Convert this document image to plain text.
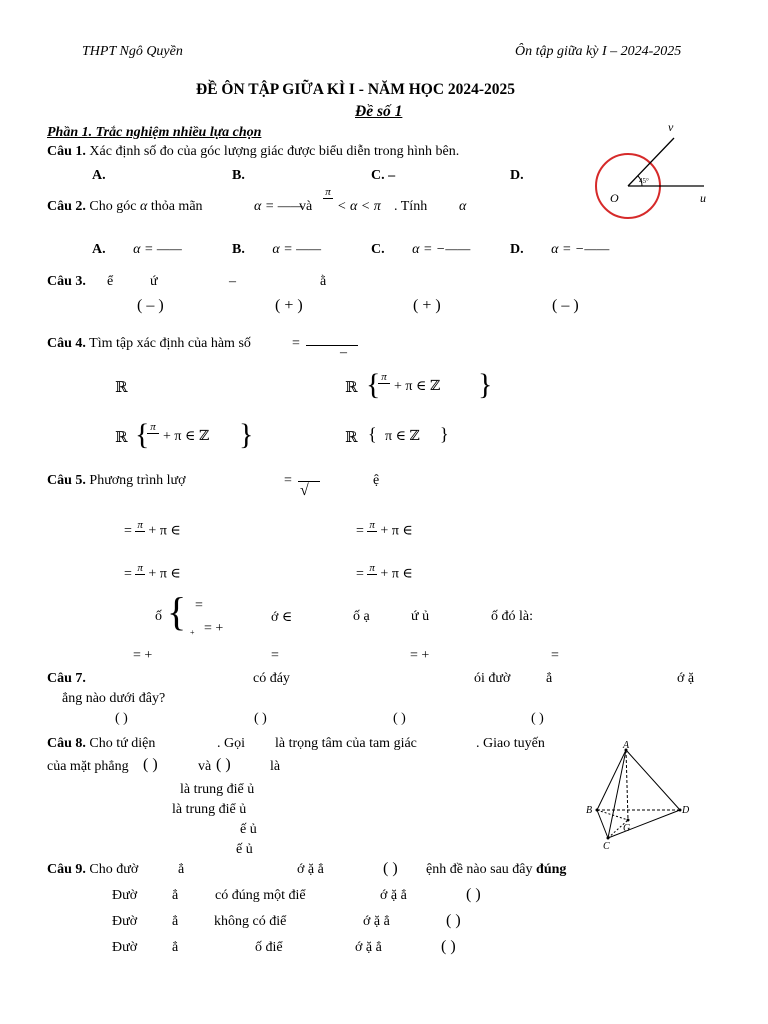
THPT Ngô Quyền	Ôn tập giữa kỳ I – 2024-2025
ĐỀ ÔN TẬP GIỮA KÌ I - NĂM HỌC 2024-2025
Đề số 1
Phần 1. Trắc nghiệm nhiều lựa chọn
Câu 1. Xác định số đo của góc lượng giác được biểu diễn trong hình bên.
A.	B.	C. –	D.	45°
v
u
O
Câu 2. Cho góc α thỏa mãn	α = ——
và
π
< α < π . Tính α
A. α = ——	B. α = ——	C. α = −——	D. α = −——
Câu 3. ể	ứ	–	ằ
( – )	( + )	( + )	( – )
Câu 4. Tìm tập xác định của hàm số	=
–
ℝ	ℝ { π
+ π ∈ ℤ }
ℝ { π
+ π ∈ ℤ }	ℝ { π ∈ ℤ }
Câu 5. Phương trình lượ	=
√
ệ
= π
+ π ∈	= π
+ π ∈
= π
+ π ∈	= π
+ π ∈
ố { =
= +
+
ớ ∈	ố ạ	ứ ủ	ố đó là:
= +	=	= +	=
Câu 7.	có đáy	ói đườ	ẳ	ớ ặ
ẳng nào dưới đây?
( )	( )	( )	( )
Câu 8. Cho tứ diện	. Gọi là trọng tâm của tam giác	. Giao tuyến
của mặt phẳng ( )	và ( )	là
là trung điể ủ
là trung điể ủ
ế ủ
ế ủ
A
B
C
D
G
Câu 9. Cho đườ	ẳ	ớ ặ ẳ	( ) ệnh đề nào sau đây đúng
Đườ ẳ	có đúng một điể	ớ ặ ẳ	( )
Đườ ẳ	không có điể	ớ ặ ẳ	( )
Đườ ẳ	ố điể	ớ ặ ẳ	( )
